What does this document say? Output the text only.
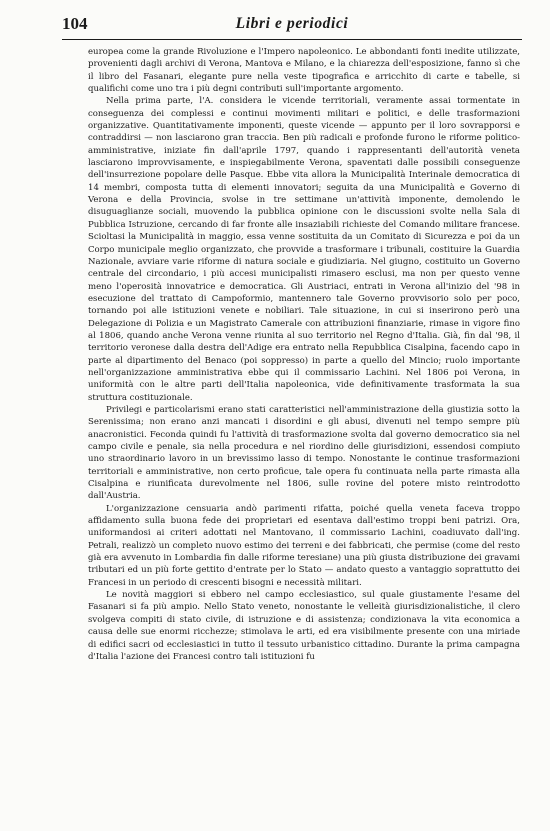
104	Libri e periodici

europea come la grande Rivoluzione e l'Impero napoleonico. Le abbondanti fonti inedite utilizzate, provenienti dagli archivi di Verona, Mantova e Milano, e la chiarezza dell'esposizione, fanno sì che il libro del Fasanari, elegante pure nella veste tipografica e arricchito di carte e tabelle, si qualifichi come uno tra i più degni contributi sull'importante argomento.

Nella prima parte, l'A. considera le vicende territoriali, veramente assai tormentate in conseguenza dei complessi e continui movimenti militari e politici, e delle trasformazioni organizzative. Quantitativamente imponenti, queste vicende — appunto per il loro sovrapporsi e contraddirsi — non lasciarono gran traccia. Ben più radicali e profonde furono le riforme politico-amministrative, iniziate fin dall'aprile 1797, quando i rappresentanti dell'autorità veneta lasciarono improvvisamente, e inspiegabilmente Verona, spaventati dalle possibili conseguenze dell'insurrezione popolare delle Pasque. Ebbe vita allora la Municipalità Interinale democratica di 14 membri, composta tutta di elementi innovatori; seguita da una Municipalità e Governo di Verona e della Provincia, svolse in tre settimane un'attività imponente, demolendo le disuguaglianze sociali, muovendo la pubblica opinione con le discussioni svolte nella Sala di Pubblica Istruzione, cercando di far fronte alle insaziabili richieste del Comando militare francese. Scioltasi la Municipalità in maggio, essa venne sostituita da un Comitato di Sicurezza e poi da un Corpo municipale meglio organizzato, che provvide a trasformare i tribunali, costituire la Guardia Nazionale, avviare varie riforme di natura sociale e giudiziaria. Nel giugno, costituito un Governo centrale del circondario, i più accesi municipalisti rimasero esclusi, ma non per questo venne meno l'operosità innovatrice e democratica. Gli Austriaci, entrati in Verona all'inizio del '98 in esecuzione del trattato di Campoformio, mantennero tale Governo provvisorio solo per poco, tornando poi alle istituzioni venete e nobiliari. Tale situazione, in cui si inserirono però una Delegazione di Polizia e un Magistrato Camerale con attribuzioni finanziarie, rimase in vigore fino al 1806, quando anche Verona venne riunita al suo territorio nel Regno d'Italia. Già, fin dal '98, il territorio veronese dalla destra dell'Adige era entrato nella Repubblica Cisalpina, facendo capo in parte al dipartimento del Benaco (poi soppresso) in parte a quello del Mincio; ruolo importante nell'organizzazione amministrativa ebbe qui il commissario Lachini. Nel 1806 poi Verona, in uniformità con le altre parti dell'Italia napoleonica, vide definitivamente trasformata la sua struttura costituzionale.

Privilegi e particolarismi erano stati caratteristici nell'amministrazione della giustizia sotto la Serenissima; non erano anzi mancati i disordini e gli abusi, divenuti nel tempo sempre più anacronistici. Feconda quindi fu l'attività di trasformazione svolta dal governo democratico sia nel campo civile e penale, sia nella procedura e nel riordino delle giurisdizioni, essendosi compiuto uno straordinario lavoro in un brevissimo lasso di tempo. Nonostante le continue trasformazioni territoriali e amministrative, non certo proficue, tale opera fu continuata nella parte rimasta alla Cisalpina e riunificata durevolmente nel 1806, sulle rovine del potere misto reintrodotto dall'Austria.

L'organizzazione censuaria andò parimenti rifatta, poiché quella veneta faceva troppo affidamento sulla buona fede dei proprietari ed esentava dall'estimo troppi beni patrizi. Ora, uniformandosi ai criteri adottati nel Mantovano, il commissario Lachini, coadiuvato dall'ing. Petrali, realizzò un completo nuovo estimo dei terreni e dei fabbricati, che permise (come del resto già era avvenuto in Lombardia fin dalle riforme teresiane) una più giusta distribuzione dei gravami tributari ed un più forte gettito d'entrate per lo Stato — andato questo a vantaggio soprattutto dei Francesi in un periodo di crescenti bisogni e necessità militari.

Le novità maggiori si ebbero nel campo ecclesiastico, sul quale giustamente l'esame del Fasanari si fa più ampio. Nello Stato veneto, nonostante le velleità giurisdizionalistiche, il clero svolgeva compiti di stato civile, di istruzione e di assistenza; condizionava la vita economica a causa delle sue enormi ricchezze; stimolava le arti, ed era visibilmente presente con una miriade di edifici sacri od ecclesiastici in tutto il tessuto urbanistico cittadino. Durante la prima campagna d'Italia l'azione dei Francesi contro tali istituzioni fu
